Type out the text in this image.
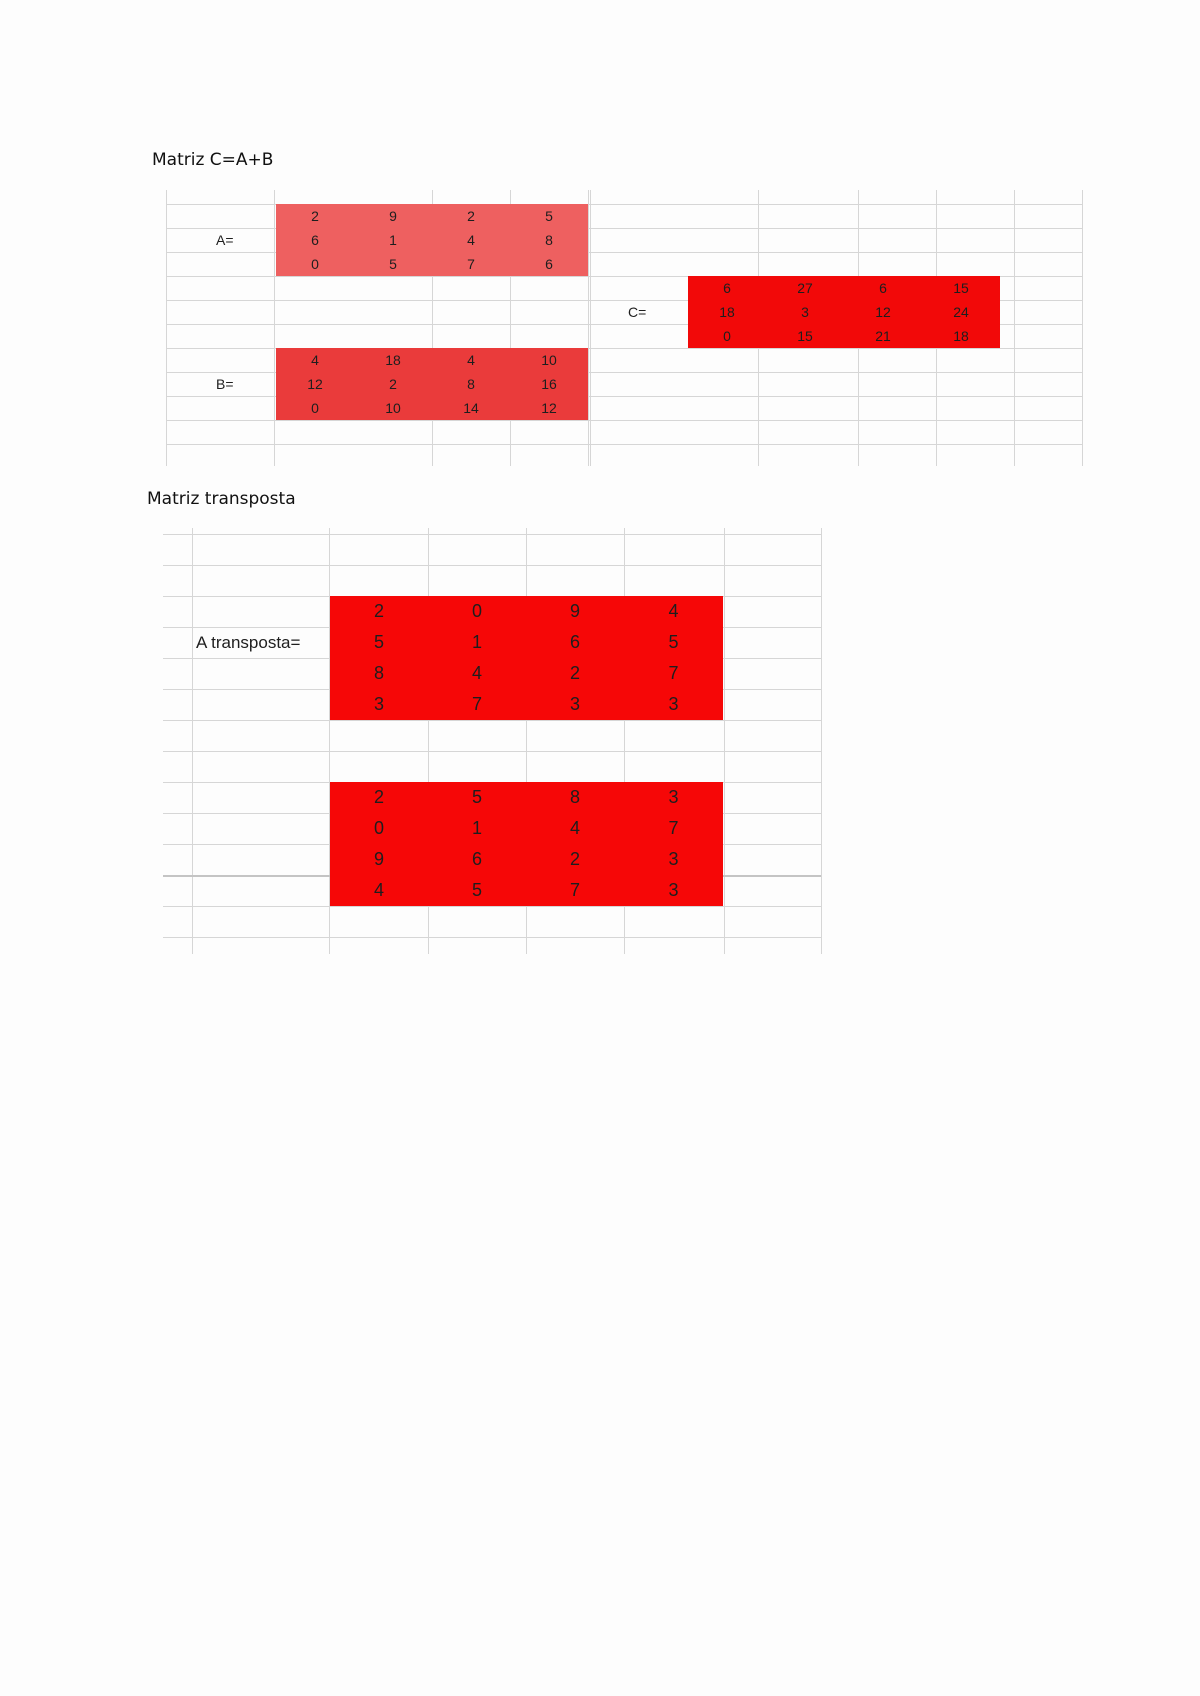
Matriz C=A+B
2	9	2	5
6	1	4	8
0	5	7	6
A=
4	18	4	10
12	2	8	16
0	10	14	12
B=
6	27	6	15
18	3	12	24
0	15	21	18
C=
Matriz transposta
2	0	9	4
5	1	6	5
8	4	2	7
3	7	3	3
A transposta=
2	5	8	3
0	1	4	7
9	6	2	3
4	5	7	3
